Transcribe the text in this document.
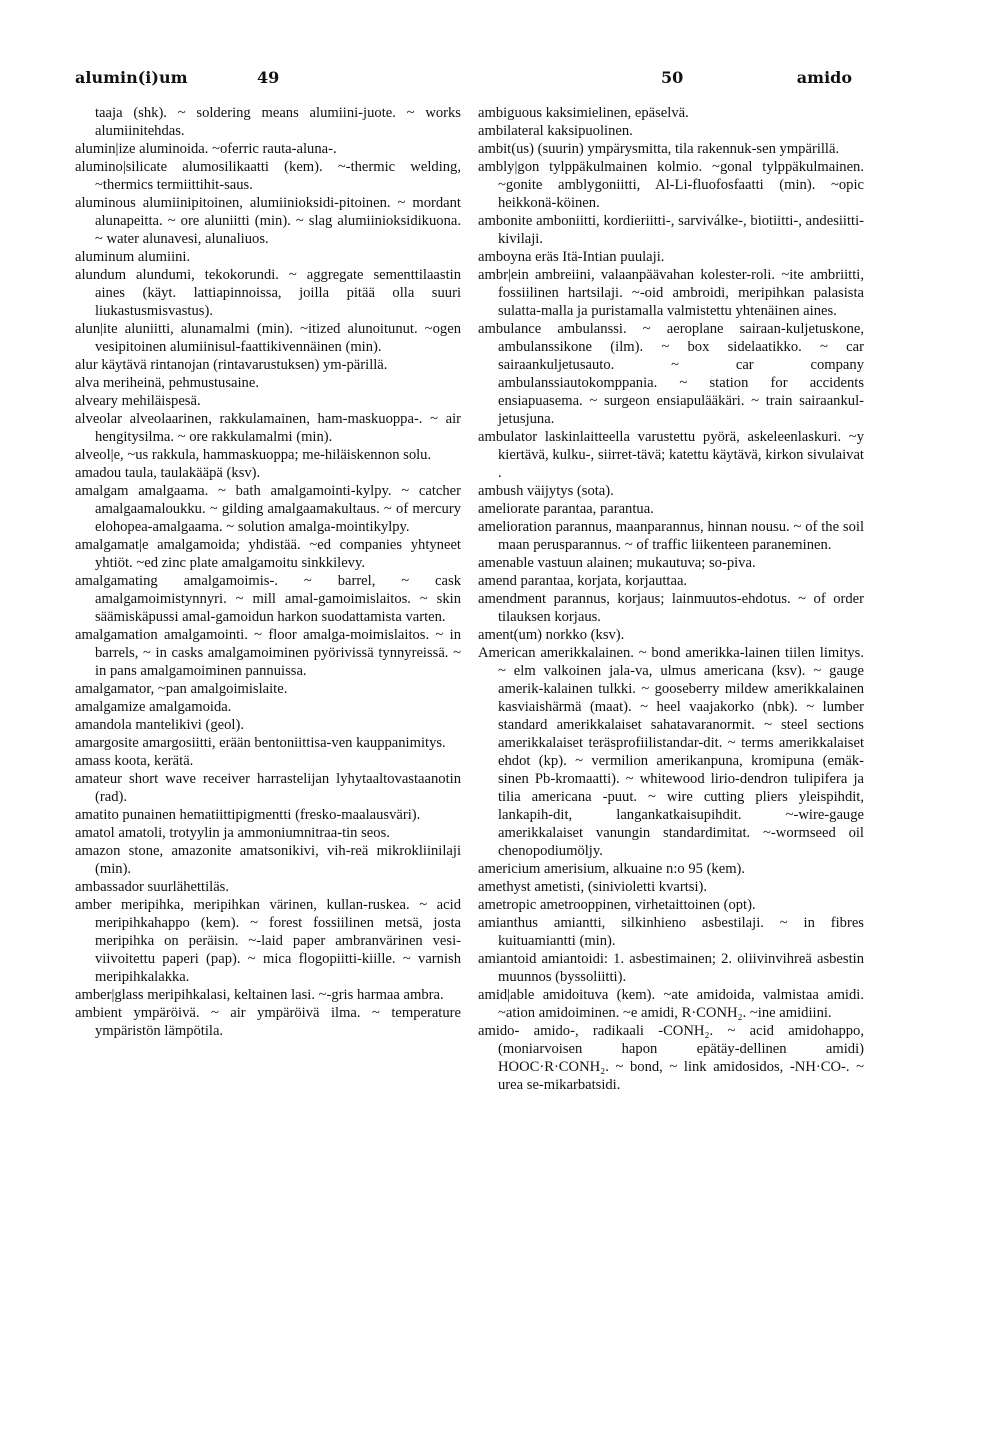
alumin(i)um	49	50	amido

taaja (shk). ~ soldering means alumiini-juote. ~ works alumiinitehdas.

alumin|ize aluminoida. ~oferric rauta-aluna-.

alumino|silicate alumosilikaatti (kem). ~-thermic welding, ~thermics termiittihit-saus.

aluminous alumiinipitoinen, alumiinioksidi-pitoinen. ~ mordant alunapeitta. ~ ore aluniitti (min). ~ slag alumiinioksidikuona. ~ water alunavesi, alunaliuos.

aluminum alumiini.

alundum alundumi, tekokorundi. ~ aggregate sementtilaastin aines (käyt. lattiapinnoissa, joilla pitää olla suuri liukastusmisvastus).

alun|ite aluniitti, alunamalmi (min). ~itized alunoitunut. ~ogen vesipitoinen alumiinisul-faattikivennäinen (min).

alur käytävä rintanojan (rintavarustuksen) ym-pärillä.

alva meriheinä, pehmustusaine.

alveary mehiläispesä.

alveolar alveolaarinen, rakkulamainen, ham-maskuoppa-. ~ air hengitysilma. ~ ore rakkulamalmi (min).

alveol|e, ~us rakkula, hammaskuoppa; me-hiläiskennon solu.

amadou taula, taulakääpä (ksv).

amalgam amalgaama. ~ bath amalgamointi-kylpy. ~ catcher amalgaamaloukku. ~ gilding amalgaamakultaus. ~ of mercury elohopea-amalgaama. ~ solution amalga-mointikylpy.

amalgamat|e amalgamoida; yhdistää. ~ed companies yhtyneet yhtiöt. ~ed zinc plate amalgamoitu sinkkilevy.

amalgamating amalgamoimis-. ~ barrel, ~ cask amalgamoimistynnyri. ~ mill amal-gamoimislaitos. ~ skin säämiskäpussi amal-gamoidun harkon suodattamista varten.

amalgamation amalgamointi. ~ floor amalga-moimislaitos. ~ in barrels, ~ in casks amalgamoiminen pyörivissä tynnyreissä. ~ in pans amalgamoiminen pannuissa.

amalgamator, ~pan amalgoimislaite.

amalgamize amalgamoida.

amandola mantelikivi (geol).

amargosite amargosiitti, erään bentoniittisa-ven kauppanimitys.

amass koota, kerätä.

amateur short wave receiver harrastelijan lyhytaaltovastaanotin (rad).

amatito punainen hematiittipigmentti (fresko-maalausväri).

amatol amatoli, trotyylin ja ammoniumnitraa-tin seos.

amazon stone, amazonite amatsonikivi, vih-reä mikrokliinilaji (min).

ambassador suurlähettiläs.

amber meripihka, meripihkan värinen, kullan-ruskea. ~ acid meripihkahappo (kem). ~ forest fossiilinen metsä, josta meripihka on peräisin. ~-laid paper ambranvärinen vesi-viivoitettu paperi (pap). ~ mica flogopiitti-kiille. ~ varnish meripihkalakka.

amber|glass meripihkalasi, keltainen lasi. ~-gris harmaa ambra.

ambient ympäröivä. ~ air ympäröivä ilma. ~ temperature ympäristön lämpötila.

ambiguous kaksimielinen, epäselvä.

ambilateral kaksipuolinen.

ambit(us) (suurin) ympärysmitta, tila rakennuk-sen ympärillä.

ambly|gon tylppäkulmainen kolmio. ~gonal tylppäkulmainen. ~gonite amblygoniitti, Al-Li-fluofosfaatti (min). ~opic heikkonä-köinen.

ambonite amboniitti, kordieriitti-, sarviválke-, biotiitti-, andesiitti-kivilaji.

amboyna eräs Itä-Intian puulaji.

ambr|ein ambreiini, valaanpäävahan kolester-roli. ~ite ambriitti, fossiilinen hartsilaji. ~-oid ambroidi, meripihkan palasista sulatta-malla ja puristamalla valmistettu yhtenäinen aines.

ambulance ambulanssi. ~ aeroplane sairaan-kuljetuskone, ambulanssikone (ilm). ~ box sidelaatikko. ~ car sairaankuljetusauto. ~ car company ambulanssiautokomppania. ~ station for accidents ensiapuasema. ~ surgeon ensiapulääkäri. ~ train sairaankul-jetusjuna.

ambulator laskinlaitteella varustettu pyörä, askeleenlaskuri. ~y kiertävä, kulku-, siirret-tävä; katettu käytävä, kirkon sivulaivat .

ambush väijytys (sota).

ameliorate parantaa, parantua.

amelioration parannus, maanparannus, hinnan nousu. ~ of the soil maan perusparannus. ~ of traffic liikenteen paraneminen.

amenable vastuun alainen; mukautuva; so-piva.

amend parantaa, korjata, korjauttaa.

amendment parannus, korjaus; lainmuutos-ehdotus. ~ of order tilauksen korjaus.

ament(um) norkko (ksv).

American amerikkalainen. ~ bond amerikka-lainen tiilen limitys. ~ elm valkoinen jala-va, ulmus americana (ksv). ~ gauge amerik-kalainen tulkki. ~ gooseberry mildew amerikkalainen kasviaishärmä (maat). ~ heel vaajakorko (nbk). ~ lumber standard amerikkalaiset sahatavaranormit. ~ steel sections amerikkalaiset teräsprofiilistandar-dit. ~ terms amerikkalaiset ehdot (kp). ~ vermilion amerikanpuna, kromipuna (emäk-sinen Pb-kromaatti). ~ whitewood lirio-dendron tulipifera ja tilia americana -puut. ~ wire cutting pliers yleispihdit, lankapih-dit, langankatkaisupihdit. ~-wire-gauge amerikkalaiset vanungin standardimitat. ~-wormseed oil chenopodiumöljy.

americium amerisium, alkuaine n:o 95 (kem).

amethyst ametisti, (sinivioletti kvartsi).

ametropic ametrooppinen, virhetaittoinen (opt).

amianthus amiantti, silkinhieno asbestilaji. ~ in fibres kuituamiantti (min).

amiantoid amiantoidi: 1. asbestimainen; 2. oliivinvihreä asbestin muunnos (byssoliitti).

amid|able amidoituva (kem). ~ate amidoida, valmistaa amidi. ~ation amidoiminen. ~e amidi, R·CONH₂. ~ine amidiini.

amido- amido-, radikaali -CONH₂. ~ acid amidohappo, (moniarvoisen hapon epätäy-dellinen amidi) HOOC·R·CONH₂. ~ bond, ~ link amidosidos, -NH·CO-. ~ urea se-mikarbatsidi.
